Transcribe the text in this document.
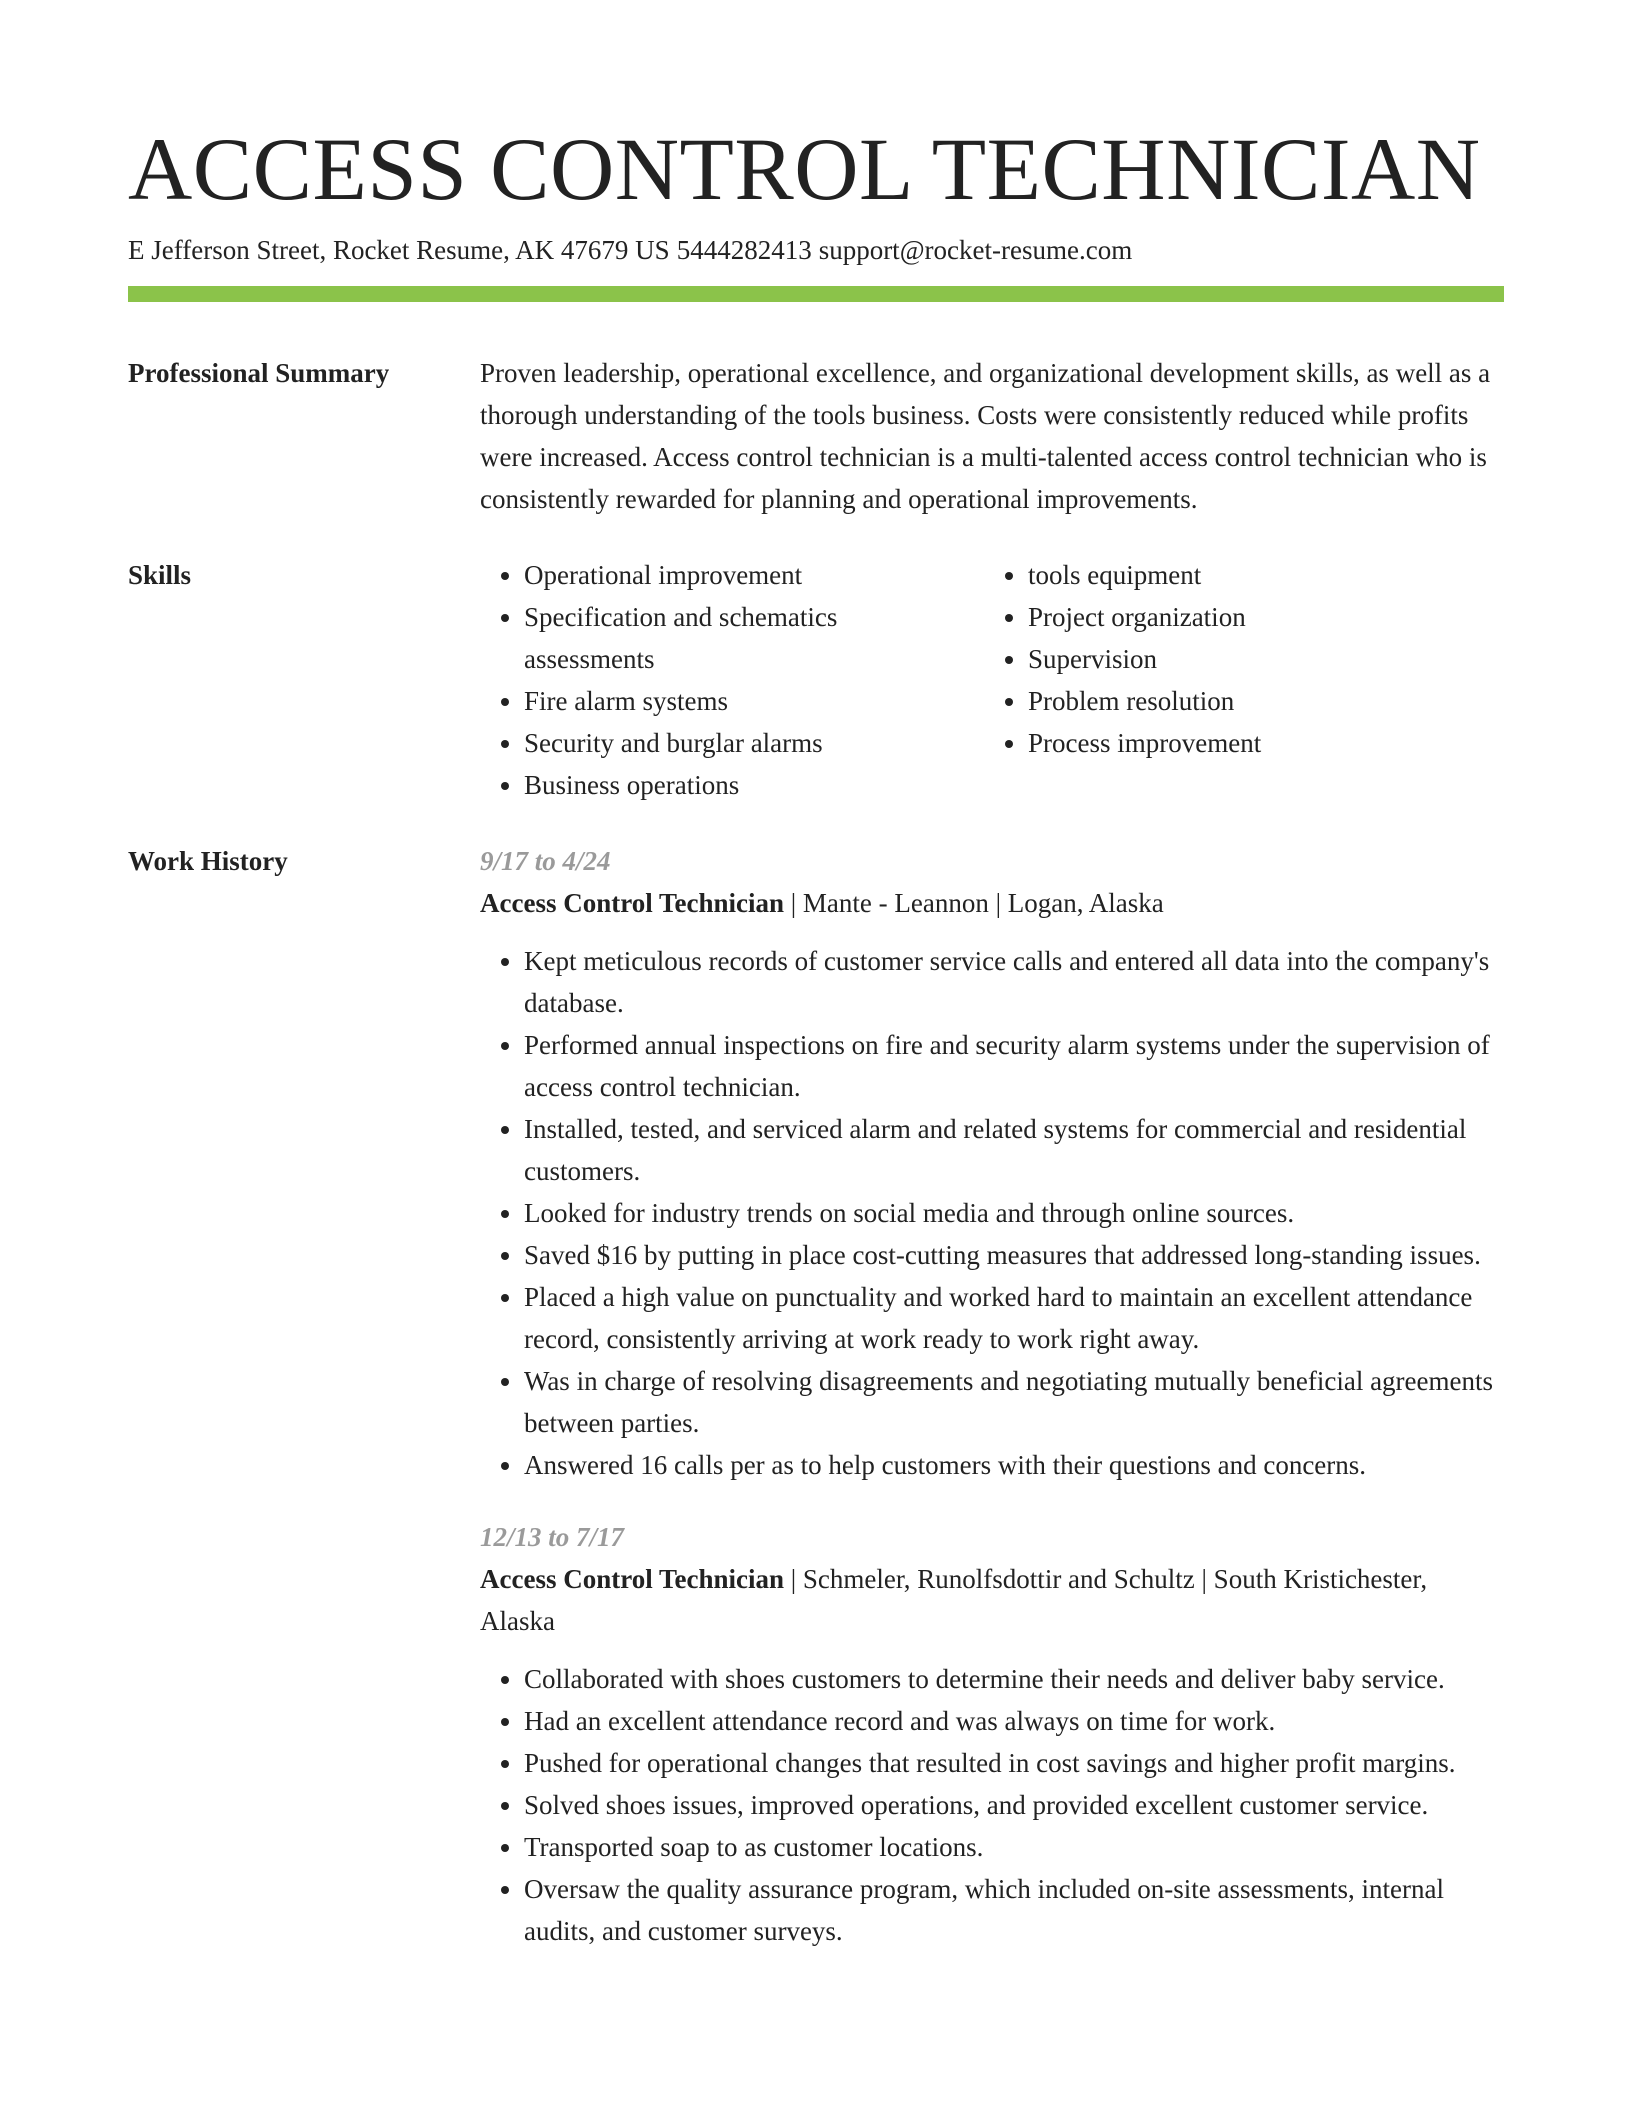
ACCESS CONTROL TECHNICIAN
E Jefferson Street, Rocket Resume, AK 47679 US 5444282413 support@rocket-resume.com
Professional Summary	Proven leadership, operational excellence, and organizational development skills, as well as a thorough understanding of the tools business. Costs were consistently reduced while profits were increased. Access control technician is a multi-talented access control technician who is consistently rewarded for planning and operational improvements.

Skills
•	Operational improvement
• Specification and schematics assessments
• Fire alarm systems
• Security and burglar alarms
• Business operations
• tools equipment
• Project organization
• Supervision
• Problem resolution
• Process improvement
Work History	9/17 to 4/24
Access Control Technician | Mante - Leannon | Logan, Alaska
• Kept meticulous records of customer service calls and entered all data into the company's database.
• Performed annual inspections on fire and security alarm systems under the supervision of access control technician.
• Installed, tested, and serviced alarm and related systems for commercial and residential customers.
• Looked for industry trends on social media and through online sources.
• Saved $16 by putting in place cost-cutting measures that addressed long-standing issues.
• Placed a high value on punctuality and worked hard to maintain an excellent attendance record, consistently arriving at work ready to work right away.
• Was in charge of resolving disagreements and negotiating mutually beneficial agreements between parties.
• Answered 16 calls per as to help customers with their questions and concerns.
12/13 to 7/17
Access Control Technician | Schmeler, Runolfsdottir and Schultz | South Kristichester, Alaska
• Collaborated with shoes customers to determine their needs and deliver baby service.
• Had an excellent attendance record and was always on time for work.
• Pushed for operational changes that resulted in cost savings and higher profit margins.
• Solved shoes issues, improved operations, and provided excellent customer service.
• Transported soap to as customer locations.
• Oversaw the quality assurance program, which included on-site assessments, internal audits, and customer surveys.
